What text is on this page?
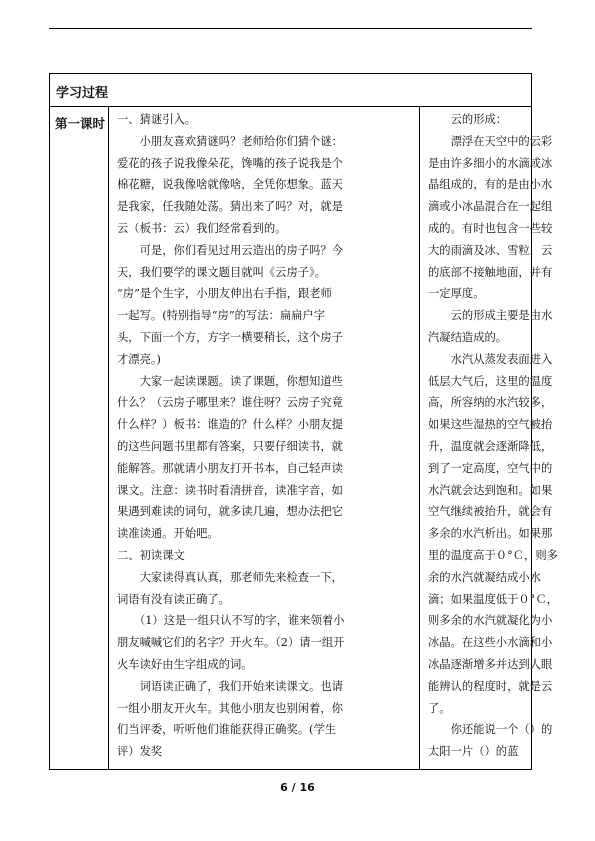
学习过程
第一课时 一、猜谜引入。
　　小朋友喜欢猜谜吗？老师给你们猜个谜：
爱花的孩子说我像朵花，馋嘴的孩子说我是个
棉花糖，说我像啥就像啥，全凭你想象。蓝天
是我家，任我随处荡。猜出来了吗？对，就是
云（板书：云）我们经常看到的。
　　可是，你们看见过用云造出的房子吗？今
天，我们要学的课文题目就叫《云房子》。
“房”是个生字，小朋友伸出右手指，跟老师
一起写。(特别指导“房”的写法：扁扁户字
头，下面一个方，方字一横要稍长，这个房子
才漂亮。)
　　大家一起读课题。读了课题，你想知道些
什么？（云房子哪里来？谁住呀？云房子究竟
什么样？）板书：谁造的？什么样？小朋友提
的这些问题书里都有答案，只要仔细读书，就
能解答。那就请小朋友打开书本，自己轻声读
课文。注意：读书时看清拼音，读准字音，如
果遇到难读的词句，就多读几遍，想办法把它
读准读通。开始吧。
二、初读课文
　　大家读得真认真，那老师先来检查一下，
词语有没有读正确了。
　　（1）这是一组只认不写的字，谁来领着小
朋友喊喊它们的名字？开火车。（2）请一组开
火车读好由生字组成的词。
　　词语读正确了，我们开始来读课文。也请
一组小朋友开火车。其他小朋友也别闲着，你
们当评委，听听他们谁能获得正确奖。(学生
评）发奖
　　云的形成：
　　漂浮在天空中的云彩
是由许多细小的水滴或冰
晶组成的，有的是由小水
滴或小冰晶混合在一起组
成的。有时也包含一些较
大的雨滴及冰、雪粒，云
的底部不接触地面，并有
一定厚度。
　　云的形成主要是由水
汽凝结造成的。
　　水汽从蒸发表面进入
低层大气后，这里的温度
高，所容纳的水汽较多，
如果这些湿热的空气被抬
升，温度就会逐渐降低，
到了一定高度，空气中的
水汽就会达到饱和。如果
空气继续被抬升，就会有
多余的水汽析出。如果那
里的温度高于０°Ｃ，则多
余的水汽就凝结成小水
滴；如果温度低于０°Ｃ，
则多余的水汽就凝化为小
冰晶。在这些小水滴和小
冰晶逐渐增多并达到人眼
能辨认的程度时，就是云
了。
　　你还能说一个（）的
太阳一片（）的蓝
6 / 16
